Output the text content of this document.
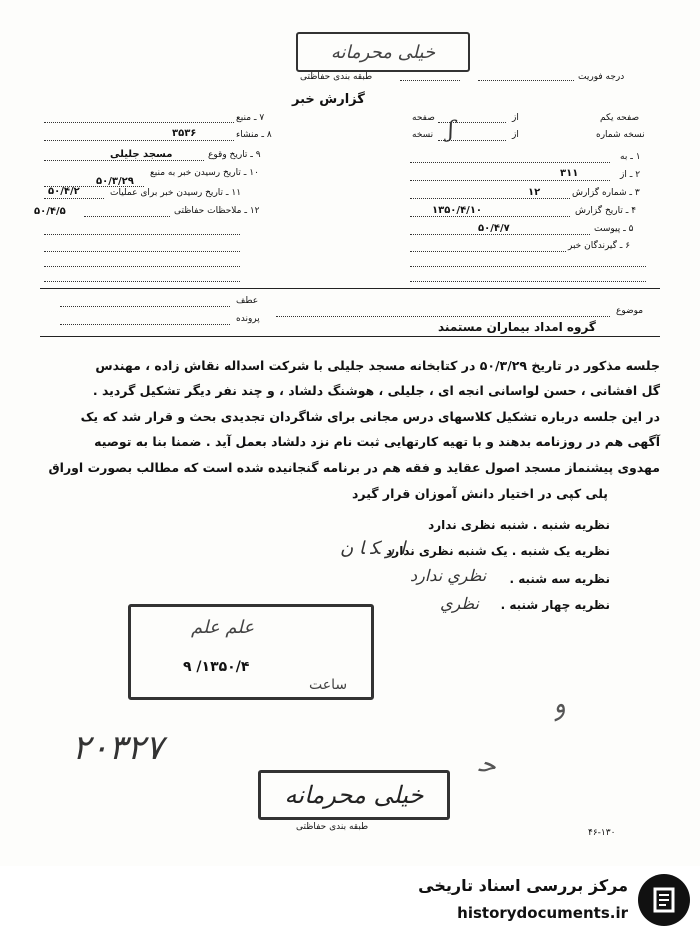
خیلی محرمانه
طبقه بندی حفاظتی	درجه فوریت
گزارش خبر
صفحه یکم
از
صفحه
نسخه شماره
از
نسخه ʃ
۱ ـ به
۲ ـ از
۳۱۱
۳ ـ شماره گزارش
۱۲
۴ ـ تاریخ گزارش
۱۳۵۰/۴/۱۰
۵ ـ پیوست
۵۰/۴/۷
۶ ـ گیرندگان خبر
۷ ـ منبع
۸ ـ منشاء
۳۵۳۶
۹ ـ تاریخ وقوع
مسجد جلیلی
۱۰ ـ تاریخ رسیدن خبر به منبع
۵۰/۳/۲۹
۱۱ ـ تاریخ رسیدن خبر برای عملیات
۵۰/۴/۲
۱۲ ـ ملاحظات حفاظتی
۵۰/۴/۵
عطف
موضوع
پرونده
گروه امداد بیماران مستمند
جلسه مذکور در تاریخ ۵۰/۳/۲۹ در کتابخانه مسجد جلیلی با شرکت اسداله نقاش زاده ، مهندس
گل افشانی ، حسن لواسانی انجه ای ، جلیلی ، هوشنگ دلشاد ، و چند نفر دیگر تشکیل گردید .
در این جلسه درباره تشکیل کلاسهای درس مجانی برای شاگردان تجدیدی بحث و قرار شد که یک
آگهی هم در روزنامه بدهند و با تهیه کارتهایی ثبت نام نزد دلشاد بعمل آید . ضمنا بنا به توصیه
مهدوی پیشنماز مسجد اصول عقاید و فقه هم در برنامه گنجانیده شده است که مطالب بصورت اوراق
پلی کپی در اختیار دانش آموزان قرار گیرد
نظریه شنبه . شنبه نظری ندارد
نظریه یک شنبه . یک شنبه نظری ندارد
ﺍ ﺭ ﻜ ﺎ ﻥ
نظریه سه شنبه .
ﻧﻈﺮﻱ ﻧﺪﺍﺭﺩ
نظریه چهار شنبه .
ﻧﻈﺮﻱ
ﻋﻠﻢ ﻋﻠﻢ
۱۳۵۰/۴/ ۹
ساعت
۲۰۳۲۷
ﻭ
ﺣ
خیلی محرمانه
طبقه بندی حفاظتی
۴۶-۱۳۰
مرکز بررسی اسناد تاریخی
historydocuments.ir
